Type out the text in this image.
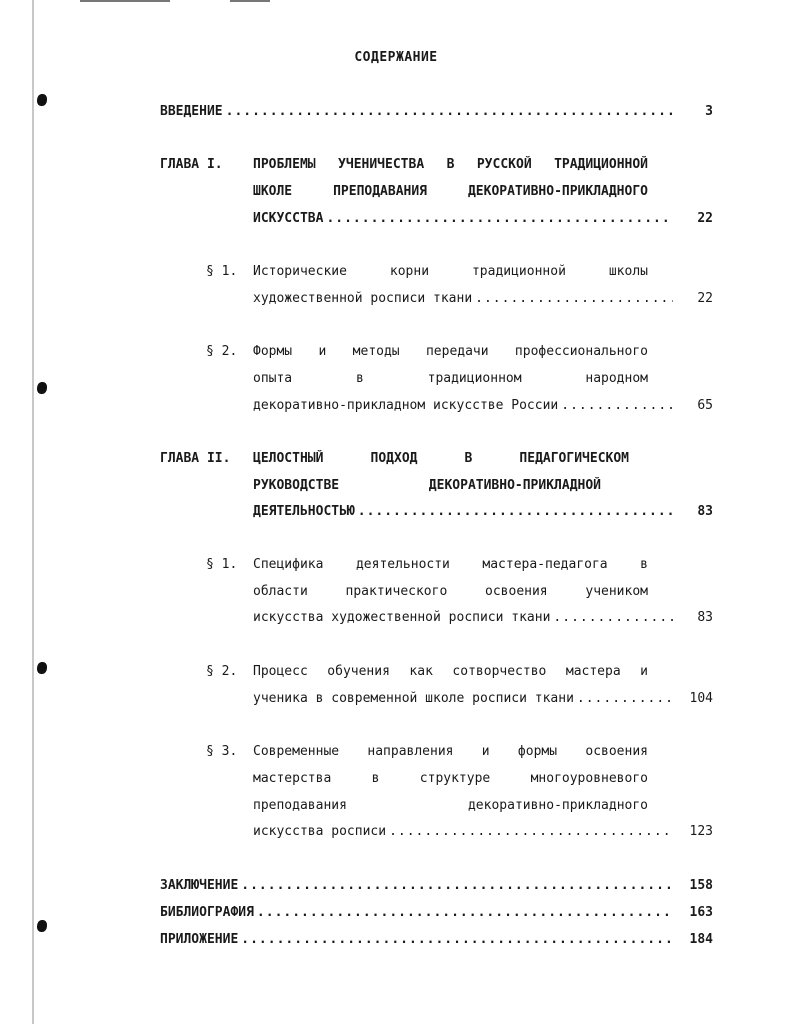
СОДЕРЖАНИЕ
ВВЕДЕНИЕ .....	3
ГЛАВА I. ПРОБЛЕМЫ УЧЕНИЧЕСТВА В РУССКОЙ ТРАДИЦИОННОЙ
ШКОЛЕ ПРЕПОДАВАНИЯ ДЕКОРАТИВНО-ПРИКЛАДНОГО
ИСКУССТВА .....	22
§ 1. Исторические корни традиционной школы
художественной росписи ткани .....	22
§ 2. Формы и методы передачи профессионального
опыта в традиционном народном
декоративно-прикладном искусстве России .....	65
ГЛАВА II. ЦЕЛОСТНЫЙ ПОДХОД В ПЕДАГОГИЧЕСКОМ
РУКОВОДСТВЕ ДЕКОРАТИВНО-ПРИКЛАДНОЙ
ДЕЯТЕЛЬНОСТЬЮ .....	83
§ 1. Специфика деятельности мастера-педагога в
области практического освоения учеником
искусства художественной росписи ткани .....	83
§ 2. Процесс обучения как сотворчество мастера и
ученика в современной школе росписи ткани .....	104
§ 3. Современные направления и формы освоения
мастерства в структуре многоуровневого
преподавания декоративно-прикладного
искусства росписи .....	123
ЗАКЛЮЧЕНИЕ .....	158
БИБЛИОГРАФИЯ .....	163
ПРИЛОЖЕНИЕ .....	184
